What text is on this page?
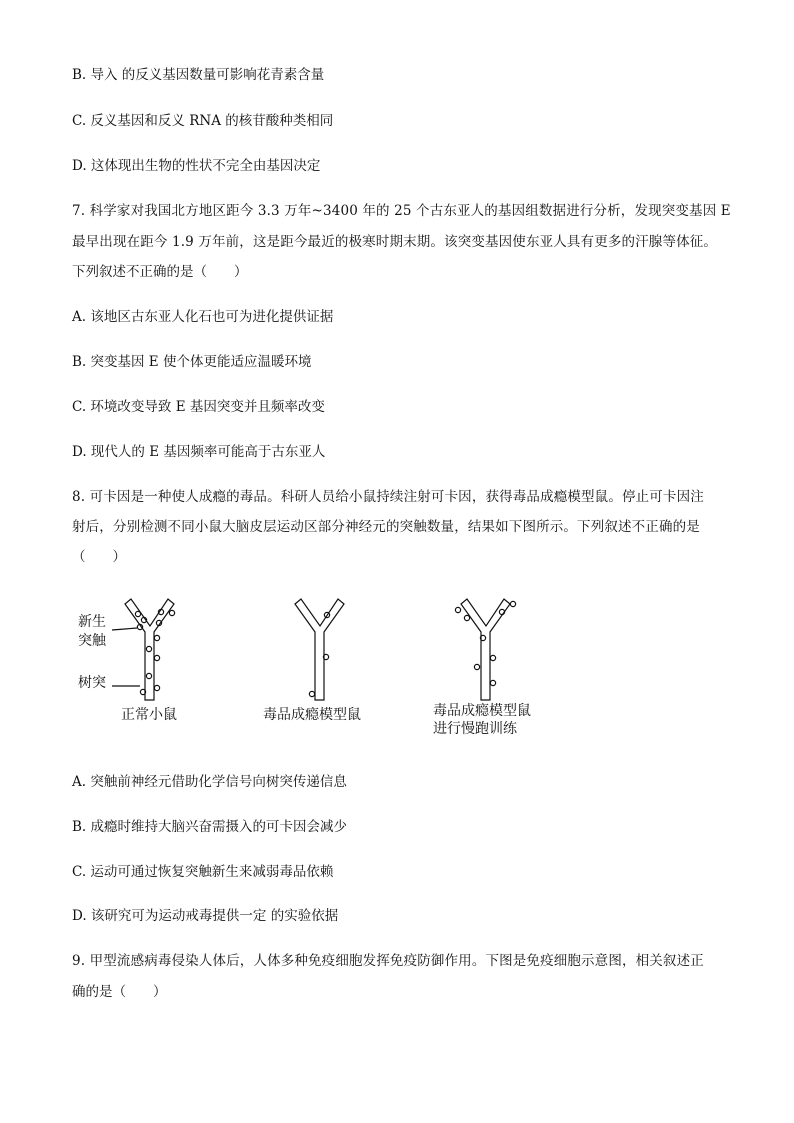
B. 导入 的反义基因数量可影响花青素含量
C. 反义基因和反义 RNA 的核苷酸种类相同
D. 这体现出生物的性状不完全由基因决定
7. 科学家对我国北方地区距今 3.3 万年~3400 年的 25 个古东亚人的基因组数据进行分析，发现突变基因 E
最早出现在距今 1.9 万年前，这是距今最近的极寒时期末期。该突变基因使东亚人具有更多的汗腺等体征。
下列叙述不正确的是（　　）
A. 该地区古东亚人化石也可为进化提供证据
B. 突变基因 E 使个体更能适应温暖环境
C. 环境改变导致 E 基因突变并且频率改变
D. 现代人的 E 基因频率可能高于古东亚人
8. 可卡因是一种使人成瘾的毒品。科研人员给小鼠持续注射可卡因，获得毒品成瘾模型鼠。停止可卡因注
射后，分别检测不同小鼠大脑皮层运动区部分神经元的突触数量，结果如下图所示。下列叙述不正确的是
（　　）
新生
突触
树突
正常小鼠	毒品成瘾模型鼠	毒品成瘾模型鼠
进行慢跑训练
A. 突触前神经元借助化学信号向树突传递信息
B. 成瘾时维持大脑兴奋需摄入的可卡因会减少
C. 运动可通过恢复突触新生来减弱毒品依赖
D. 该研究可为运动戒毒提供一定 的实验依据
9. 甲型流感病毒侵染人体后，人体多种免疫细胞发挥免疫防御作用。下图是免疫细胞示意图，相关叙述正
确的是（　　）
